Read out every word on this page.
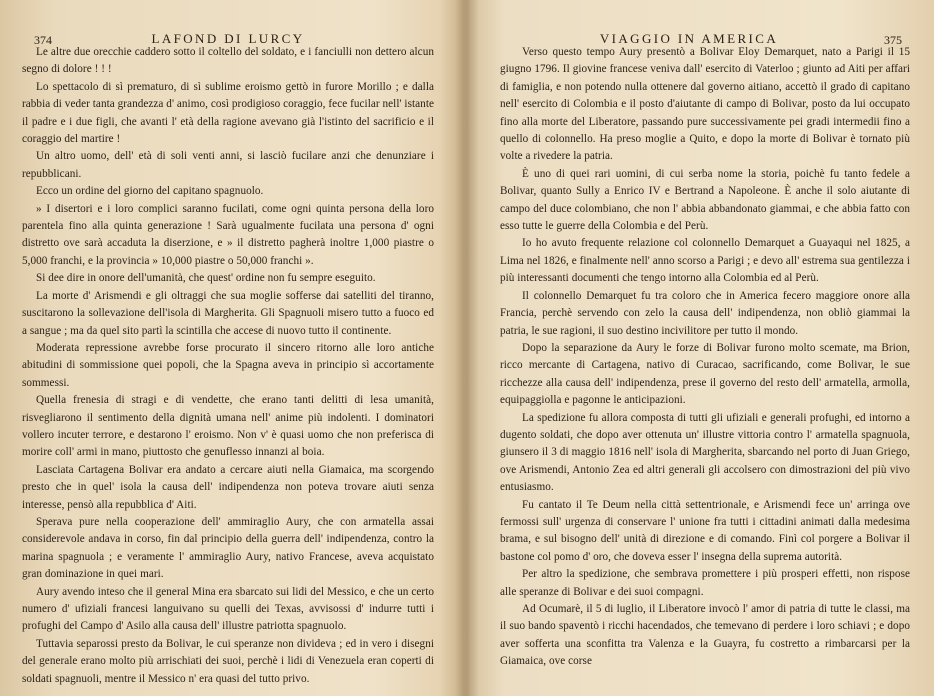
374	LAFOND DI LURCY

Le altre due orecchie caddero sotto il coltello del soldato, e i fanciulli non dettero alcun segno di dolore ! ! !

Lo spettacolo di sì prematuro, di sì sublime eroismo gettò in furore Morillo ; e dalla rabbia di veder tanta grandezza d' animo, così prodigioso coraggio, fece fucilar nell' istante il padre e i due figli, che avanti l' età della ragione avevano già l'istinto del sacrificio e il coraggio del martire !

Un altro uomo, dell' età di soli venti anni, si lasciò fucilare anzi che denunziare i repubblicani.

Ecco un ordine del giorno del capitano spagnuolo.

» I disertori e i loro complici saranno fucilati, come ogni quinta persona della loro parentela fino alla quinta generazione ! Sarà ugualmente fucilata una persona d' ogni distretto ove sarà accaduta la diserzione, e » il distretto pagherà inoltre 1,000 piastre o 5,000 franchi, e la provincia » 10,000 piastre o 50,000 franchi ».

Si dee dire in onore dell'umanità, che quest' ordine non fu sempre eseguito.

La morte d' Arismendi e gli oltraggi che sua moglie sofferse dai satelliti del tiranno, suscitarono la sollevazione dell'isola di Margherita. Gli Spagnuoli misero tutto a fuoco ed a sangue ; ma da quel sito partì la scintilla che accese di nuovo tutto il continente.

Moderata repressione avrebbe forse procurato il sincero ritorno alle loro antiche abitudini di sommissione quei popoli, che la Spagna aveva in principio sì accortamente sommessi.

Quella frenesia di stragi e di vendette, che erano tanti delitti di lesa umanità, risvegliarono il sentimento della dignità umana nell' anime più indolenti. I dominatori vollero incuter terrore, e destarono l' eroismo. Non v' è quasi uomo che non preferisca di morire coll' armi in mano, piuttosto che genuflesso innanzi al boia.

Lasciata Cartagena Bolivar era andato a cercare aiuti nella Giamaica, ma scorgendo presto che in quel' isola la causa dell' indipendenza non poteva trovare aiuti senza interesse, pensò alla repubblica d' Aiti.

Sperava pure nella cooperazione dell' ammiraglio Aury, che con armatella assai considerevole andava in corso, fin dal principio della guerra dell' indipendenza, contro la marina spagnuola ; e veramente l' ammiraglio Aury, nativo Francese, aveva acquistato gran dominazione in quei mari.

Aury avendo inteso che il general Mina era sbarcato sui lidi del Messico, e che un certo numero d' ufiziali francesi languivano su quelli dei Texas, avvisossi d' indurre tutti i profughi del Campo d' Asilo alla causa dell' illustre patriotta spagnuolo.

Tuttavia separossi presto da Bolivar, le cui speranze non divideva ; ed in vero i disegni del generale erano molto più arrischiati dei suoi, perchè i lidi di Venezuela eran coperti di soldati spagnuoli, mentre il Messico n' era quasi del tutto privo.

VIAGGIO IN AMERICA	375

Verso questo tempo Aury presentò a Bolivar Eloy Demarquet, nato a Parigi il 15 giugno 1796. Il giovine francese veniva dall' esercito di Vaterloo ; giunto ad Aiti per affari di famiglia, e non potendo nulla ottenere dal governo aitiano, accettò il grado di capitano nell' esercito di Colombia e il posto d'aiutante di campo di Bolivar, posto da lui occupato fino alla morte del Liberatore, passando pure successivamente pei gradi intermedii fino a quello di colonnello. Ha preso moglie a Quito, e dopo la morte di Bolivar è tornato più volte a rivedere la patria.

È uno di quei rari uomini, di cui serba nome la storia, poichè fu tanto fedele a Bolivar, quanto Sully a Enrico IV e Bertrand a Napoleone. È anche il solo aiutante di campo del duce colombiano, che non l' abbia abbandonato giammai, e che abbia fatto con esso tutte le guerre della Colombia e del Perù.

Io ho avuto frequente relazione col colonnello Demarquet a Guayaqui nel 1825, a Lima nel 1826, e finalmente nell' anno scorso a Parigi ; e devo all' estrema sua gentilezza i più interessanti documenti che tengo intorno alla Colombia ed al Perù.

Il colonnello Demarquet fu tra coloro che in America fecero maggiore onore alla Francia, perchè servendo con zelo la causa dell' indipendenza, non obliò giammai la patria, le sue ragioni, il suo destino incivilitore per tutto il mondo.

Dopo la separazione da Aury le forze di Bolivar furono molto scemate, ma Brion, ricco mercante di Cartagena, nativo di Curacao, sacrificando, come Bolivar, le sue ricchezze alla causa dell' indipendenza, prese il governo del resto dell' armatella, armolla, equipaggiolla e pagonne le anticipazioni.

La spedizione fu allora composta di tutti gli ufiziali e generali profughi, ed intorno a dugento soldati, che dopo aver ottenuta un' illustre vittoria contro l' armatella spagnuola, giunsero il 3 di maggio 1816 nell' isola di Margherita, sbarcando nel porto di Juan Griego, ove Arismendi, Antonio Zea ed altri generali gli accolsero con dimostrazioni del più vivo entusiasmo.

Fu cantato il Te Deum nella città settentrionale, e Arismendi fece un' arringa ove fermossi sull' urgenza di conservare l' unione fra tutti i cittadini animati dalla medesima brama, e sul bisogno dell' unità di direzione e di comando. Finì col porgere a Bolivar il bastone col pomo d' oro, che doveva esser l' insegna della suprema autorità.

Per altro la spedizione, che sembrava promettere i più prosperi effetti, non rispose alle speranze di Bolivar e dei suoi compagni.

Ad Ocumarè, il 5 di luglio, il Liberatore invocò l' amor di patria di tutte le classi, ma il suo bando spaventò i ricchi hacendados, che temevano di perdere i loro schiavi ; e dopo aver sofferta una sconfitta tra Valenza e la Guayra, fu costretto a rimbarcarsi per la Giamaica, ove corse
